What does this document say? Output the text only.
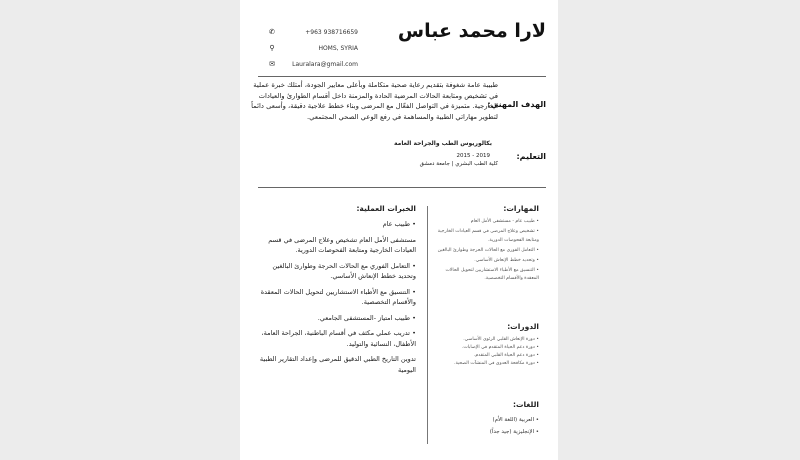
لارا محمد عباس
✆	+963 938716659
⚲	HOMS, SYRIA
✉	Lauralara@gmail.com
الهدف المهني:
طبيبة عامة شغوفة بتقديم رعاية صحية متكاملة وبأعلى معايير الجودة، أمتلك خبرة عملية في تشخيص ومتابعة الحالات المرضية الحادة والمزمنة داخل أقسام الطوارئ والعيادات الخارجية. متميزة في التواصل الفعّال مع المرضى وبناء خطط علاجية دقيقة، وأسعى دائماً لتطوير مهاراتي الطبية والمساهمة في رفع الوعي الصحي المجتمعي.
التعليم:
بكالوريوس الطب والجراحة العامة
2015 - 2019
كلية الطب البشري | جامعة دمشق
الخبرات العملية:
•طبيب عام
مستشفى الأمل العام تشخيص وعلاج المرضى في قسم العيادات الخارجية ومتابعة الفحوصات الدورية.
•التعامل الفوري مع الحالات الحرجة وطوارئ البالغين وتحديد خطط الإنعاش الأساسي.
•التنسيق مع الأطباء الاستشاريين لتحويل الحالات المعقدة والأقسام التخصصية.
•طبيب امتياز -المستشفى الجامعي.
•تدريب عملي مكثف في أقسام الباطنية، الجراحة العامة، الأطفال، النسائية والتوليد.
تدوين التاريخ الطبي الدقيق للمرضى وإعداد التقارير الطبية اليومية
المهارات:
• طبيب عام - مستشفى الأمل العام
• تشخيص وعلاج المرضى في قسم العيادات الخارجية ومتابعة الفحوصات الدورية.
• التعامل الفوري مع الحالات الحرجة وطوارئ البالغين
• وتحديد خطط الإنعاش الأساسي.
• التنسيق مع الأطباء الاستشاريين لتحويل الحالات المعقدة والأقسام التخصصية.
الدورات:
• دورة الإنعاش القلبي الرئوي الأساسي.
• دورة دعم الحياة المتقدم في الإصابات.
• دورة دعم الحياة القلبي المتقدم.
• دورة مكافحة العدوى في المنشآت الصحية.
اللغات:
• العربية (اللغة الأم)
• الإنجليزية (جيد جداً)
